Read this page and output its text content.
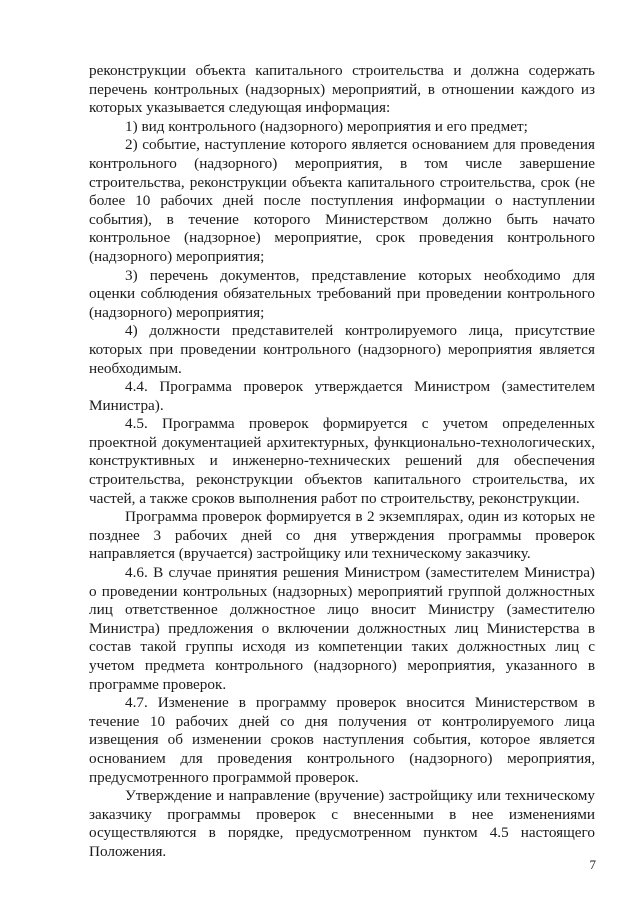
реконструкции объекта капитального строительства и должна содержать перечень контрольных (надзорных) мероприятий, в отношении каждого из которых указывается следующая информация:

1) вид контрольного (надзорного) мероприятия и его предмет;

2) событие, наступление которого является основанием для проведения контрольного (надзорного) мероприятия, в том числе завершение строительства, реконструкции объекта капитального строительства, срок (не более 10 рабочих дней после поступления информации о наступлении события), в течение которого Министерством должно быть начато контрольное (надзорное) мероприятие, срок проведения контрольного (надзорного) мероприятия;

3) перечень документов, представление которых необходимо для оценки соблюдения обязательных требований при проведении контрольного (надзорного) мероприятия;

4) должности представителей контролируемого лица, присутствие которых при проведении контрольного (надзорного) мероприятия является необходимым.

4.4. Программа проверок утверждается Министром (заместителем Министра).

4.5. Программа проверок формируется с учетом определенных проектной документацией архитектурных, функционально-технологических, конструктивных и инженерно-технических решений для обеспечения строительства, реконструкции объектов капитального строительства, их частей, а также сроков выполнения работ по строительству, реконструкции.

Программа проверок формируется в 2 экземплярах, один из которых не позднее 3 рабочих дней со дня утверждения программы проверок направляется (вручается) застройщику или техническому заказчику.

4.6. В случае принятия решения Министром (заместителем Министра) о проведении контрольных (надзорных) мероприятий группой должностных лиц ответственное должностное лицо вносит Министру (заместителю Министра) предложения о включении должностных лиц Министерства в состав такой группы исходя из компетенции таких должностных лиц с учетом предмета контрольного (надзорного) мероприятия, указанного в программе проверок.

4.7. Изменение в программу проверок вносится Министерством в течение 10 рабочих дней со дня получения от контролируемого лица извещения об изменении сроков наступления события, которое является основанием для проведения контрольного (надзорного) мероприятия, предусмотренного программой проверок.

Утверждение и направление (вручение) застройщику или техническому заказчику программы проверок с внесенными в нее изменениями осуществляются в порядке, предусмотренном пунктом 4.5 настоящего Положения.

7
